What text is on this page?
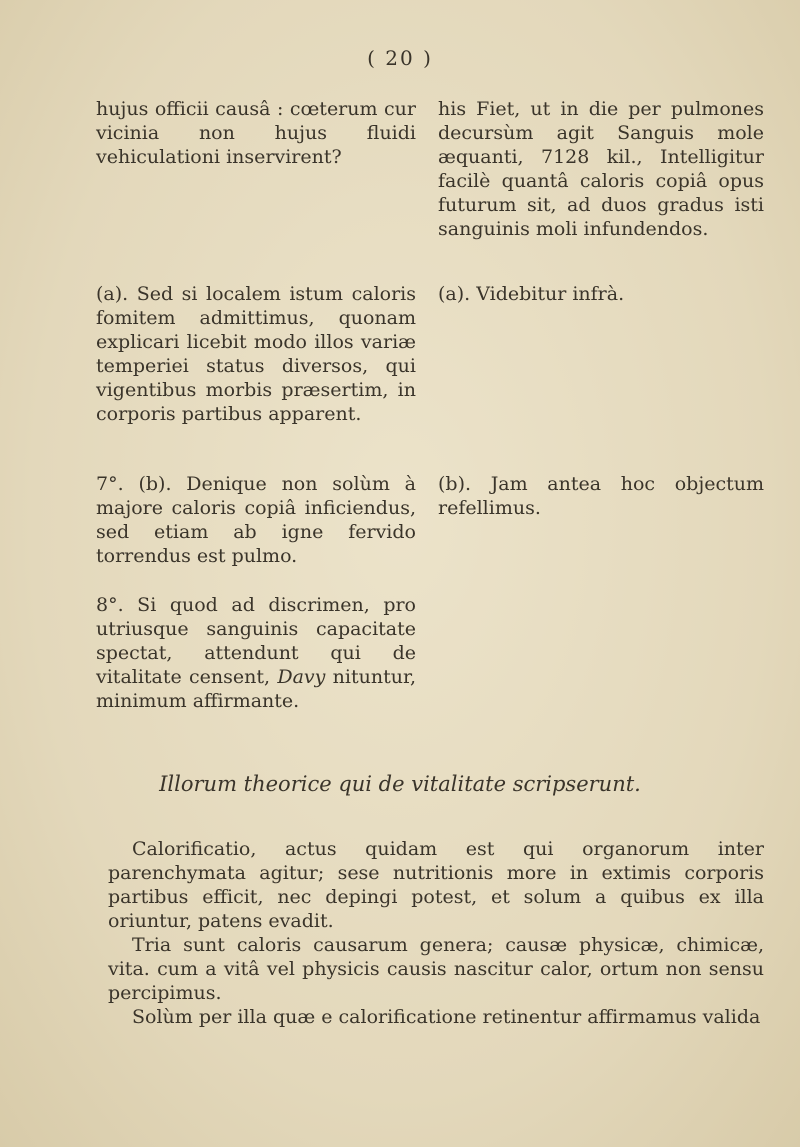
( 20 )

hujus officii causâ : cœterum cur vicinia non hujus fluidi vehiculationi inservirent?

(a). Sed si localem istum caloris fomitem admittimus, quonam explicari licebit modo illos variæ temperiei status diversos, qui vigentibus morbis præsertim, in corporis partibus apparent.

7°. (b). Denique non solùm à majore caloris copiâ inficiendus, sed etiam ab igne fervido torrendus est pulmo.

8°. Si quod ad discrimen, pro utriusque sanguinis capacitate spectat, attendunt qui de vitalitate censent, Davy nituntur, minimum affirmante.

his Fiet, ut in die per pulmones decursùm agit Sanguis mole æquanti, 7128 kil., Intelligitur facilè quantâ caloris copiâ opus futurum sit, ad duos gradus isti sanguinis moli infundendos.

(a). Videbitur infrà.

(b). Jam antea hoc objectum refellimus.

Illorum theorice qui de vitalitate scripserunt.

Calorificatio, actus quidam est qui organorum inter parenchymata agitur; sese nutritionis more in extimis corporis partibus efficit, nec depingi potest, et solum a quibus ex illa oriuntur, patens evadit.

Tria sunt caloris causarum genera; causæ physicæ, chimicæ, vita. cum a vitâ vel physicis causis nascitur calor, ortum non sensu percipimus.

Solùm per illa quæ e calorificatione retinentur affirmamus valida
